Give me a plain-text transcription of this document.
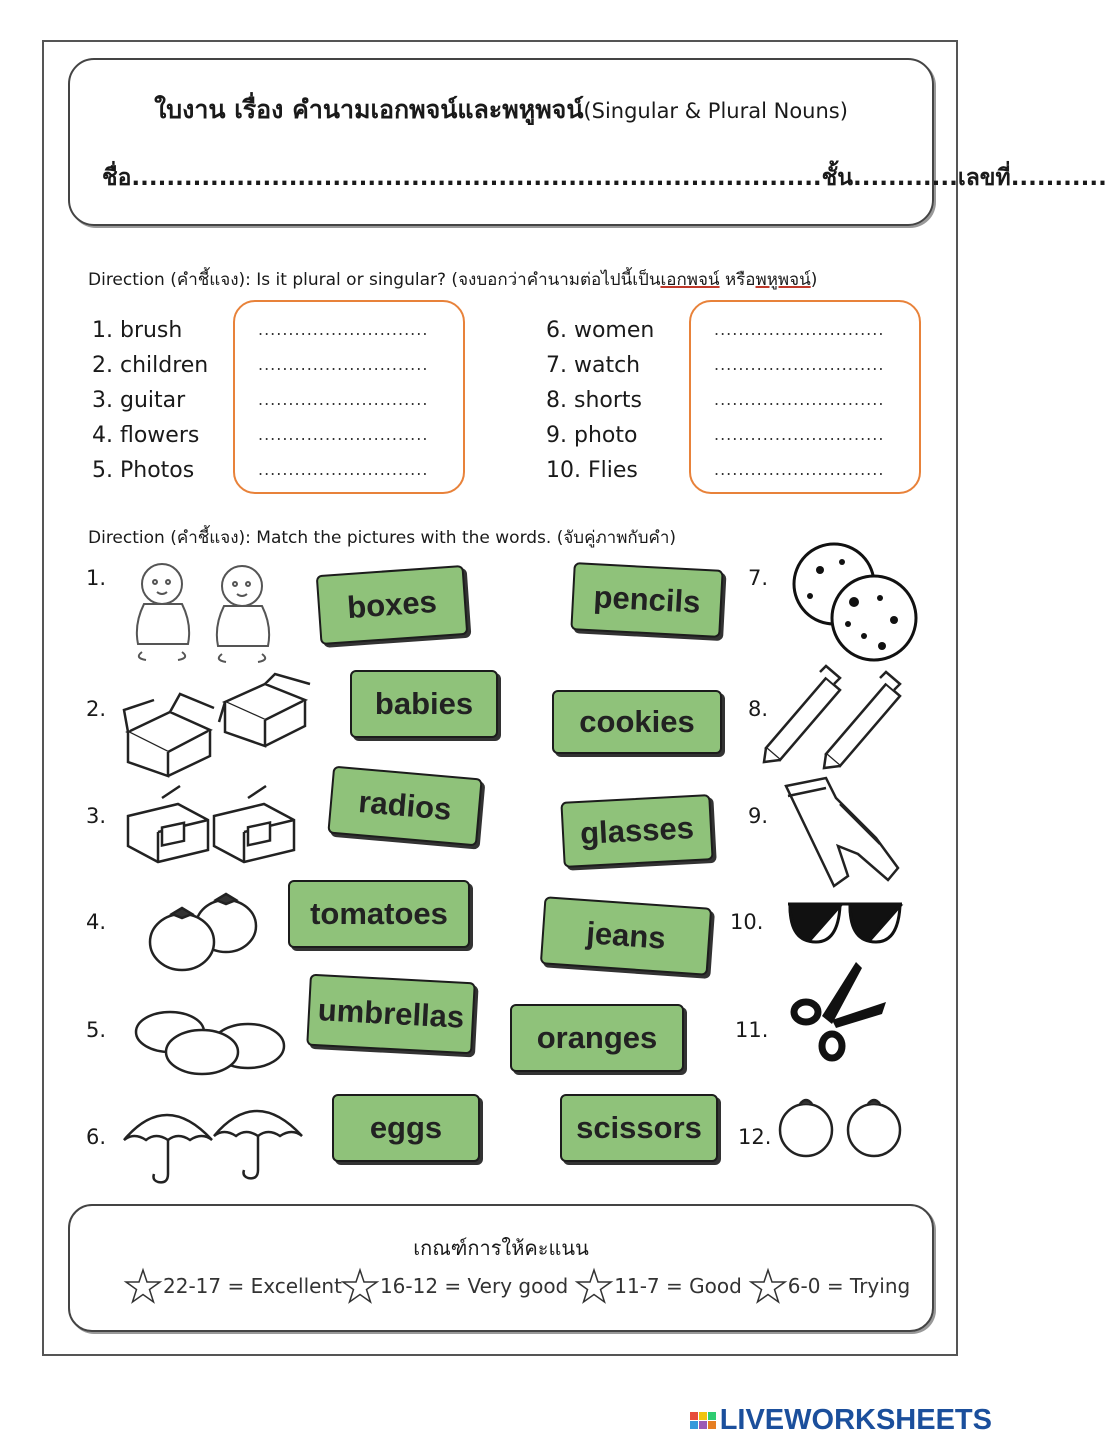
ใบงาน เรื่อง คำนามเอกพจน์และพหูพจน์(Singular & Plural Nouns)
ชื่อ...............................................................................ชั้น............เลขที่...........
Direction (คำชี้แจง): Is it plural or singular? (จงบอกว่าคำนามต่อไปนี้เป็นเอกพจน์ หรือพหูพจน์)
1. brush
2. children
3. guitar
4. flowers
5. Photos
............................
............................
............................
............................
............................
6. women
7. watch
8. shorts
9. photo
10. Flies
............................
............................
............................
............................
............................
Direction (คำชี้แจง): Match the pictures with the words. (จับคู่ภาพกับคำ)
1.
2.
3.
4.
5.
6.
7.
8.
9.
10.
11.
12.
boxes	pencils
babies
cookies
radios
glasses
tomatoes
jeans
umbrellas
oranges
eggs	scissors
เกณฑ์การให้คะแนน
22-17 = Excellent 16-12 = Very good 11-7 = Good 6-0 = Trying
LIVEWORKSHEETS
